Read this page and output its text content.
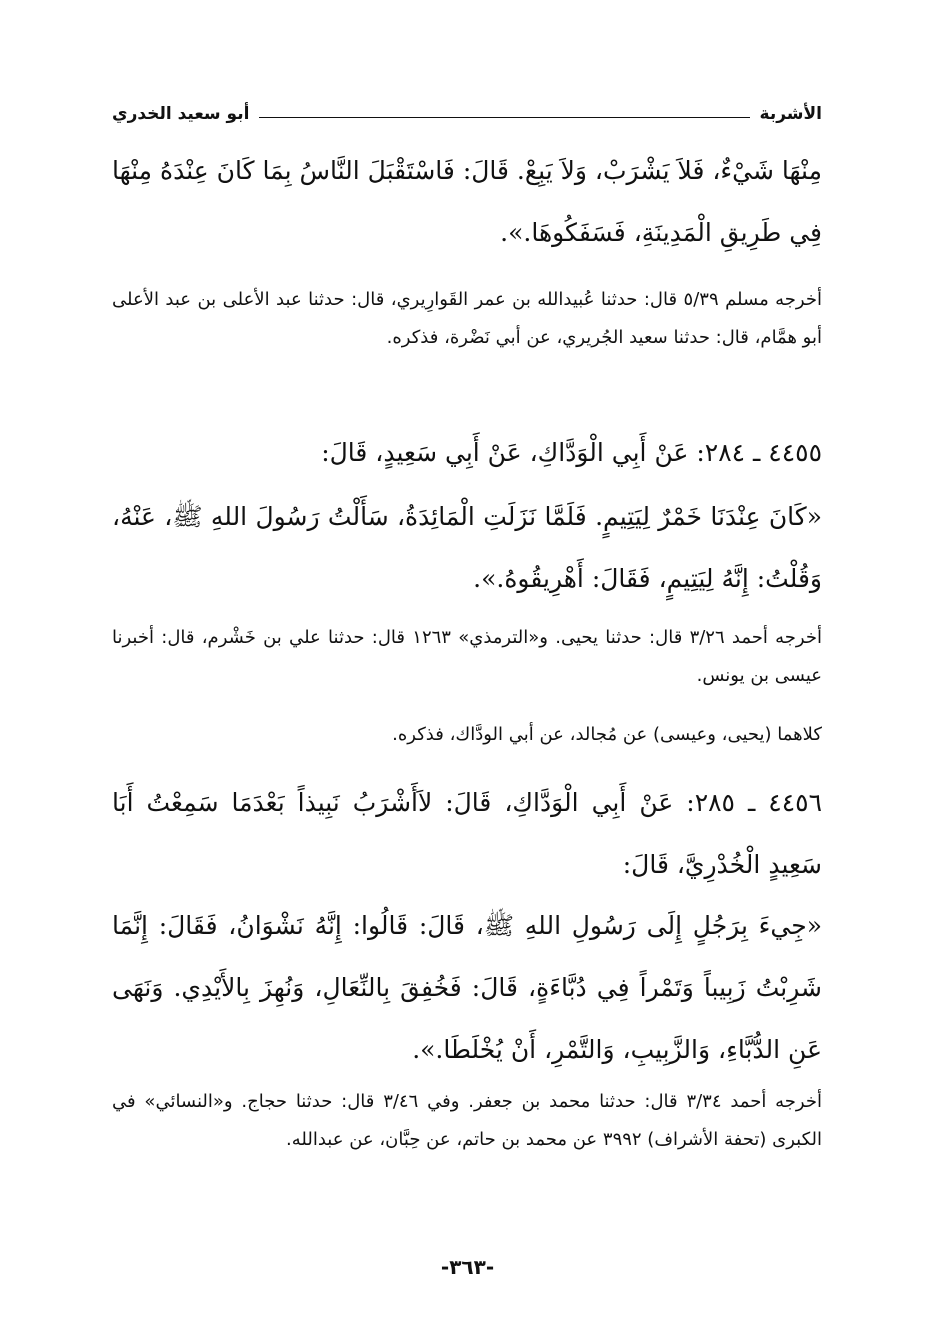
الأشربة
أبو سعيد الخدري
مِنْهَا شَيْءٌ، فَلاَ يَشْرَبْ، وَلاَ يَبِعْ. قَالَ: فَاسْتَقْبَلَ النَّاسُ بِمَا كَانَ عِنْدَهُ مِنْهَا فِي طَرِيقِ الْمَدِينَةِ، فَسَفَكُوهَا.».
أخرجه مسلم ٥/٣٩ قال: حدثنا عُبيدالله بن عمر القَوارِيري، قال: حدثنا عبد الأعلى بن عبد الأعلى أبو همَّام، قال: حدثنا سعيد الجُريري، عن أبي نَضْرة، فذكره.
٤٤٥٥ ـ ٢٨٤: عَنْ أَبِي الْوَدَّاكِ، عَنْ أَبِي سَعِيدٍ، قَالَ:
«كَانَ عِنْدَنَا خَمْرٌ لِيَتِيمٍ. فَلَمَّا نَزَلَتِ الْمَائِدَةُ، سَأَلْتُ رَسُولَ اللهِ ﷺ، عَنْهُ، وَقُلْتُ: إِنَّهُ لِيَتِيمٍ، فَقَالَ: أَهْرِيقُوهُ.».
أخرجه أحمد ٣/٢٦ قال: حدثنا يحيى. و«الترمذي» ١٢٦٣ قال: حدثنا علي بن خَشْرم، قال: أخبرنا عيسى بن يونس.
كلاهما (يحيى، وعيسى) عن مُجالد، عن أبي الودَّاك، فذكره.
٤٤٥٦ ـ ٢٨٥: عَنْ أَبِي الْوَدَّاكِ، قَالَ: لاَأَشْرَبُ نَبِيذاً بَعْدَمَا سَمِعْتُ أَبَا سَعِيدٍ الْخُدْرِيَّ، قَالَ:
«جِيءَ بِرَجُلٍ إِلَى رَسُولِ اللهِ ﷺ، قَالَ: قَالُوا: إِنَّهُ نَشْوَانُ، فَقَالَ: إِنَّمَا شَرِبْتُ زَبِيباً وَتَمْراً فِي دُبَّاءَةٍ، قَالَ: فَخُفِقَ بِالنِّعَالِ، وَنُهِزَ بِالأَيْدِي. وَنَهَى عَنِ الدُّبَّاءِ، وَالزَّبِيبِ، وَالتَّمْرِ، أَنْ يُخْلَطَا.».
أخرجه أحمد ٣/٣٤ قال: حدثنا محمد بن جعفر. وفي ٣/٤٦ قال: حدثنا حجاج. و«النسائي» في الكبرى (تحفة الأشراف) ٣٩٩٢ عن محمد بن حاتم، عن حِبَّان، عن عبدالله.
-٣٦٣-
